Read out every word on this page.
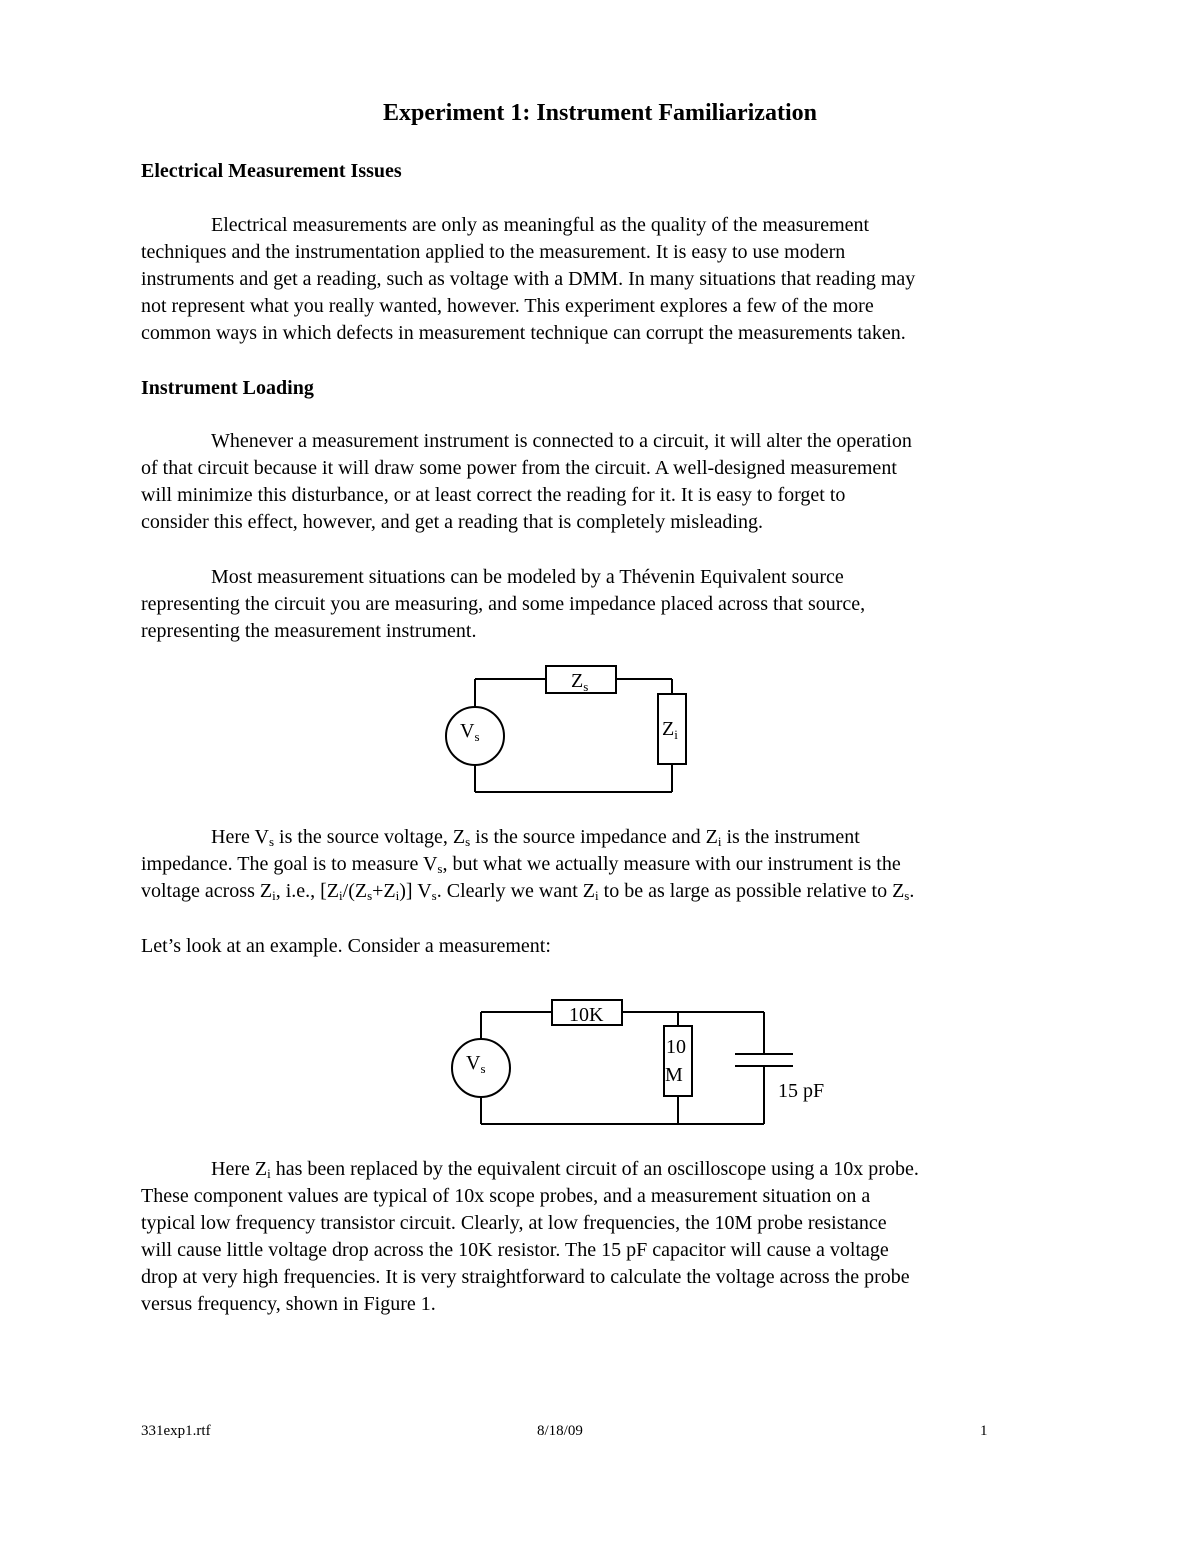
Experiment 1: Instrument Familiarization
Electrical Measurement Issues
Electrical measurements are only as meaningful as the quality of the measurement
techniques and the instrumentation applied to the measurement. It is easy to use modern
instruments and get a reading, such as voltage with a DMM. In many situations that reading may
not represent what you really wanted, however. This experiment explores a few of the more
common ways in which defects in measurement technique can corrupt the measurements taken.
Instrument Loading
Whenever a measurement instrument is connected to a circuit, it will alter the operation
of that circuit because it will draw some power from the circuit. A well-designed measurement
will minimize this disturbance, or at least correct the reading for it. It is easy to forget to
consider this effect, however, and get a reading that is completely misleading.
Most measurement situations can be modeled by a Thévenin Equivalent source
representing the circuit you are measuring, and some impedance placed across that source,
representing the measurement instrument.
$Z_s$
$V_s$	$Z_i$
Here $V_s$ is the source voltage, $Z_s$ is the source impedance and $Z_i$ is the instrument
impedance. The goal is to measure $V_s$, but what we actually measure with our instrument is the
voltage across $Z_i$, i.e., $[Z_i/(Z_s+Z_i)]$ $V_s$. Clearly we want $Z_i$ to be as large as possible relative to $Z_s$.
Let’s look at an example. Consider a measurement:
10K
$V_s$
10
M
15 pF
Here $Z_i$ has been replaced by the equivalent circuit of an oscilloscope using a 10x probe.
These component values are typical of 10x scope probes, and a measurement situation on a
typical low frequency transistor circuit. Clearly, at low frequencies, the 10M probe resistance
will cause little voltage drop across the 10K resistor. The 15 pF capacitor will cause a voltage
drop at very high frequencies. It is very straightforward to calculate the voltage across the probe
versus frequency, shown in Figure 1.
331exp1.rtf	8/18/09	1
